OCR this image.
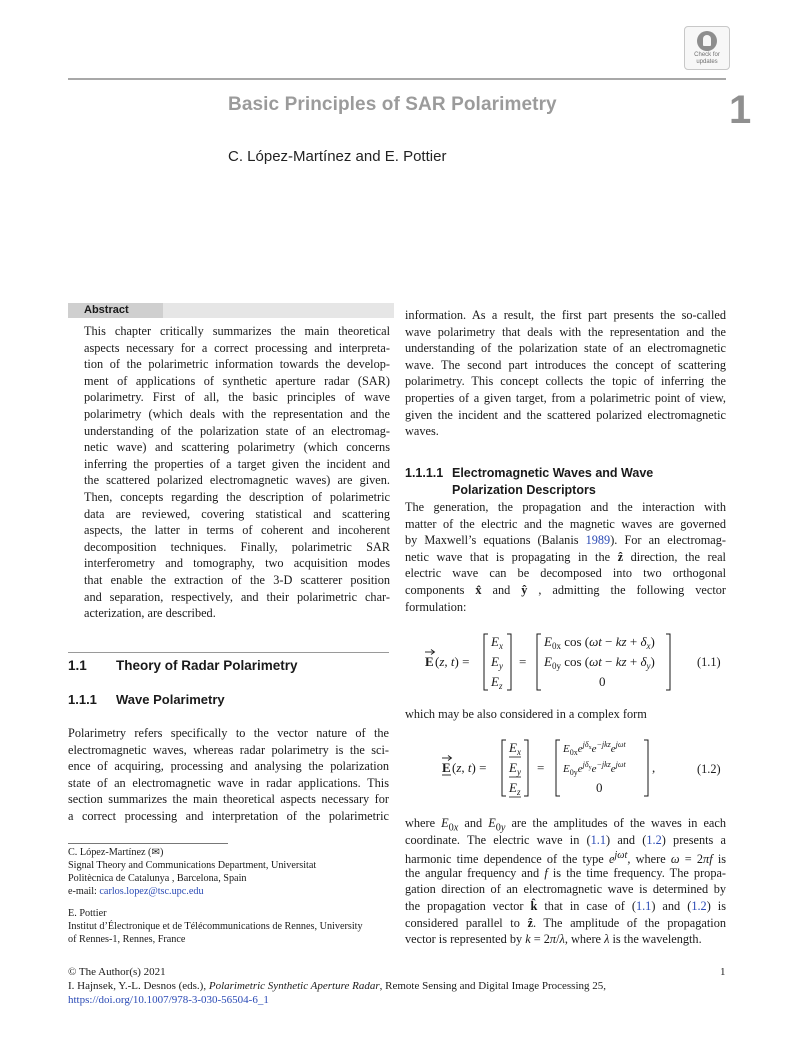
Check for
updates
Basic Principles of SAR Polarimetry	1
C. López-Martínez and E. Pottier
Abstract
This chapter critically summarizes the main theoretical
aspects necessary for a correct processing and interpreta-
tion of the polarimetric information towards the develop-
ment of applications of synthetic aperture radar (SAR)
polarimetry. First of all, the basic principles of wave
polarimetry (which deals with the representation and the
understanding of the polarization state of an electromag-
netic wave) and scattering polarimetry (which concerns
inferring the properties of a target given the incident and
the scattered polarized electromagnetic waves) are given.
Then, concepts regarding the description of polarimetric
data are reviewed, covering statistical and scattering
aspects, the latter in terms of coherent and incoherent
decomposition techniques. Finally, polarimetric SAR
interferometry and tomography, two acquisition modes
that enable the extraction of the 3-D scatterer position
and separation, respectively, and their polarimetric char-
acterization, are described.
information. As a result, the first part presents the so-called
wave polarimetry that deals with the representation and the
understanding of the polarization state of an electromagnetic
wave. The second part introduces the concept of scattering
polarimetry. This concept collects the topic of inferring the
properties of a given target, from a polarimetric point of view,
given the incident and the scattered polarized electromagnetic
waves.
1.1 Theory of Radar Polarimetry
1.1.1 Wave Polarimetry
Polarimetry refers specifically to the vector nature of the
electromagnetic waves, whereas radar polarimetry is the sci-
ence of acquiring, processing and analysing the polarization
state of an electromagnetic wave in radar applications. This
section summarizes the main theoretical aspects necessary for
a correct processing and interpretation of the polarimetric
C. López-Martínez (✉)
Signal Theory and Communications Department, Universitat
Politècnica de Catalunya , Barcelona, Spain
e-mail: carlos.lopez@tsc.upc.edu
E. Pottier
Institut d’Électronique et de Télécommunications de Rennes, University
of Rennes-1, Rennes, France
1.1.1.1 Electromagnetic Waves and Wave
Polarization Descriptors
The generation, the propagation and the interaction with
matter of the electric and the magnetic waves are governed
by Maxwell’s equations (Balanis 1989). For an electromag-
netic wave that is propagating in the ẑ direction, the real
electric wave can be decomposed into two orthogonal
components x̂ and ŷ , admitting the following vector
formulation:
E (z, t) =
$E_x$
$E_y$
$E_z$
=
$E_{0x}$ cos (ωt − kz + $\delta_x$)
$E_{0y}$ cos (ωt − kz + $\delta_y$)
0
(1.1)
which may be also considered in a complex form
E (z, t) =
$E_x$
$E_y$
$E_z$
=
$E_{0x}e^{j\delta}xe^{-jkz}e^{j\omega t}$
$E_{0y}e^{j\delta}ye^{-jkz}e^{j\omega t}$
0
,	(1.2)
where $E_{0x}$ and $E_{0y}$ are the amplitudes of the waves in each
coordinate. The electric wave in (1.1) and (1.2) presents a
harmonic time dependence of the type $e^{j\omega t}$, where ω = 2πf is
the angular frequency and f is the time frequency. The propa-
gation direction of an electromagnetic wave is determined by
the propagation vector k̂ that in case of (1.1) and (1.2) is
considered parallel to ẑ. The amplitude of the propagation
vector is represented by k = 2π/λ, where λ is the wavelength.
© The Author(s) 2021	1
I. Hajnsek, Y.-L. Desnos (eds.), Polarimetric Synthetic Aperture Radar, Remote Sensing and Digital Image Processing 25,
https://doi.org/10.1007/978-3-030-56504-6_1
